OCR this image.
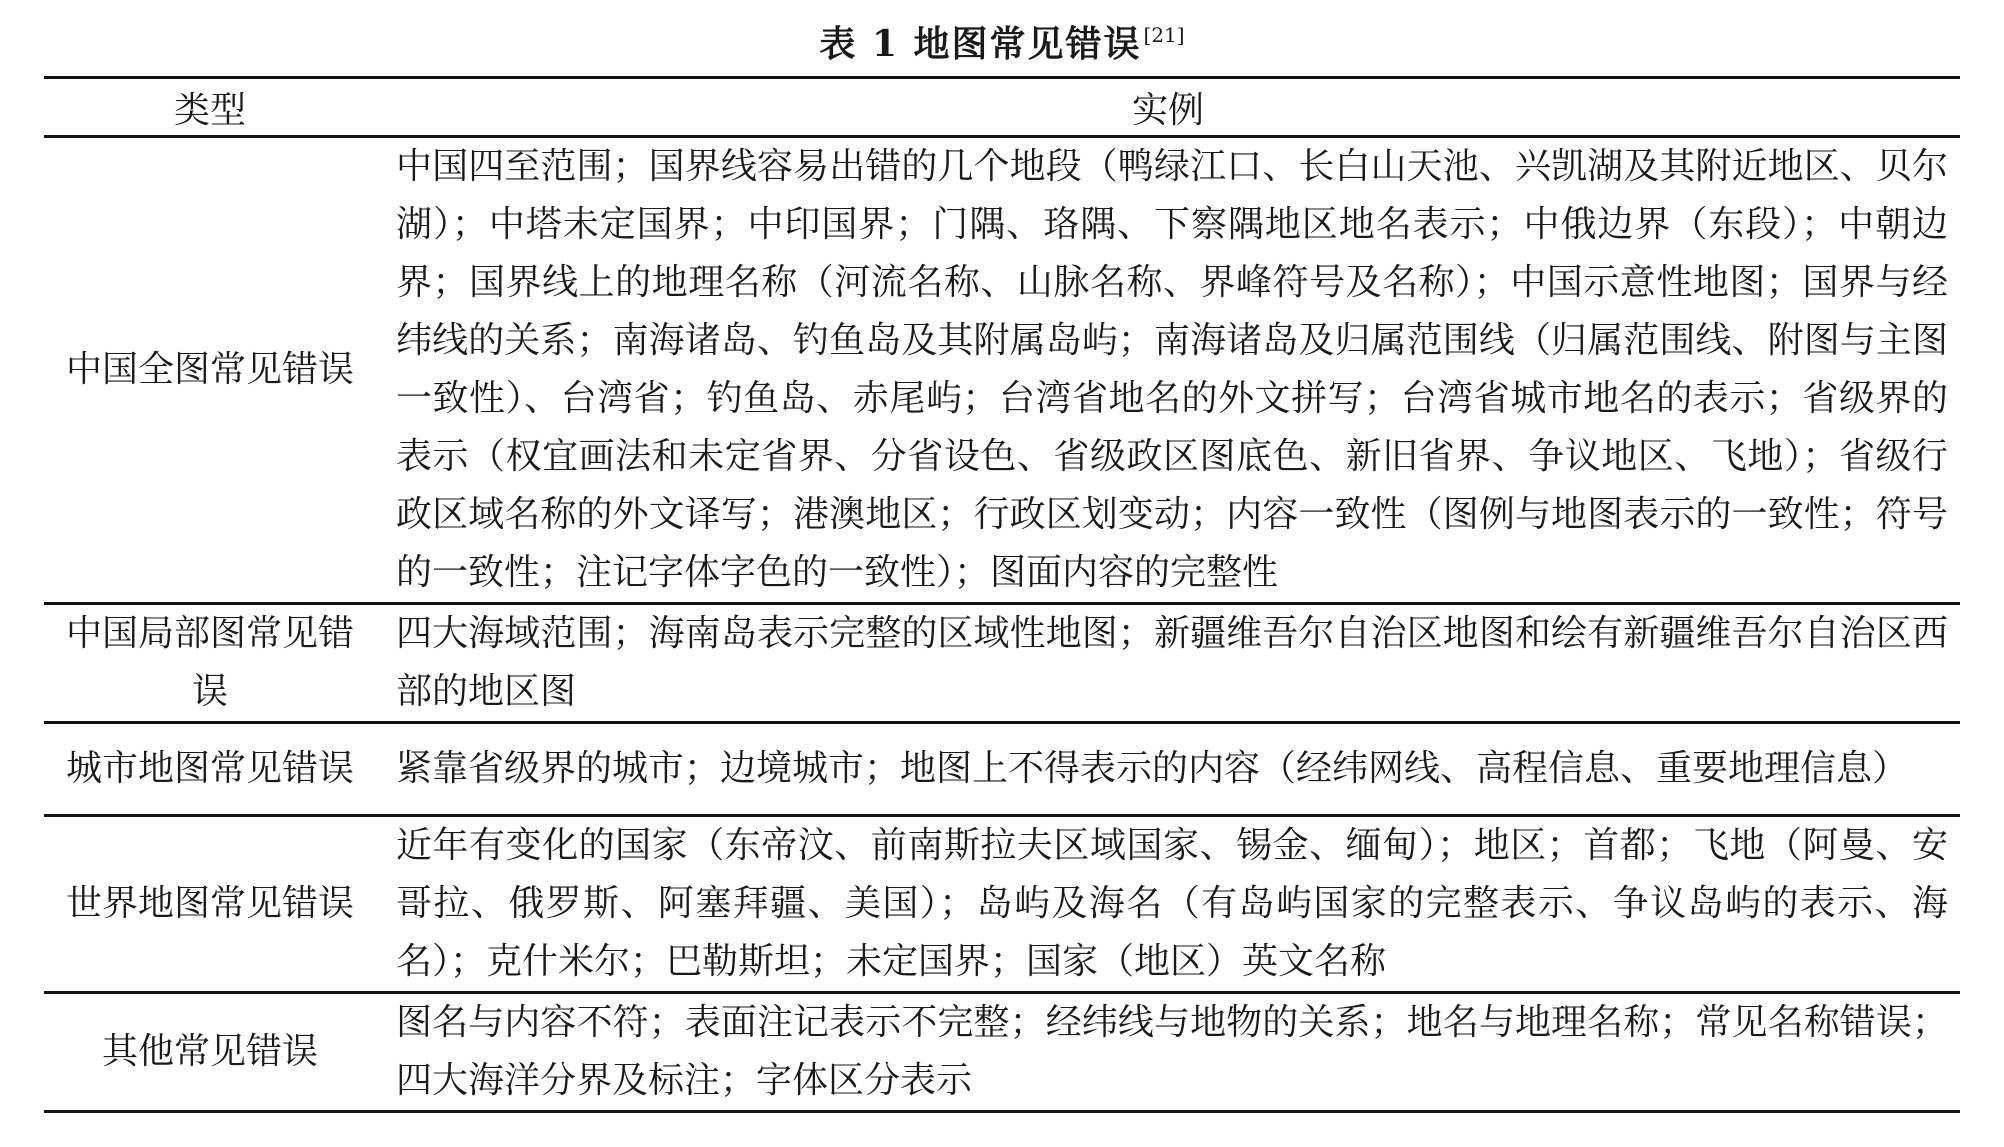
表 1 地图常见错误 [21]
类型	实例
中国全图常见错误	中国四至范围；国界线容易出错的几个地段（鸭绿江口、长白山天池、兴凯湖及其附近地区、贝尔湖）；中塔未定国界；中印国界；门隅、珞隅、下察隅地区地名表示；中俄边界（东段）；中朝边界；国界线上的地理名称（河流名称、山脉名称、界峰符号及名称）；中国示意性地图；国界与经纬线的关系；南海诸岛、钓鱼岛及其附属岛屿；南海诸岛及归属范围线（归属范围线、附图与主图一致性）、台湾省；钓鱼岛、赤尾屿；台湾省地名的外文拼写；台湾省城市地名的表示；省级界的表示（权宜画法和未定省界、分省设色、省级政区图底色、新旧省界、争议地区、飞地）；省级行政区域名称的外文译写；港澳地区；行政区划变动；内容一致性（图例与地图表示的一致性；符号的一致性；注记字体字色的一致性）；图面内容的完整性
中国局部图常见错误	四大海域范围；海南岛表示完整的区域性地图；新疆维吾尔自治区地图和绘有新疆维吾尔自治区西部的地区图
城市地图常见错误	紧靠省级界的城市；边境城市；地图上不得表示的内容（经纬网线、高程信息、重要地理信息）
世界地图常见错误	近年有变化的国家（东帝汶、前南斯拉夫区域国家、锡金、缅甸）；地区；首都；飞地（阿曼、安哥拉、俄罗斯、阿塞拜疆、美国）；岛屿及海名（有岛屿国家的完整表示、争议岛屿的表示、海名）；克什米尔；巴勒斯坦；未定国界；国家（地区）英文名称
其他常见错误	图名与内容不符；表面注记表示不完整；经纬线与地物的关系；地名与地理名称；常见名称错误；四大海洋分界及标注；字体区分表示
